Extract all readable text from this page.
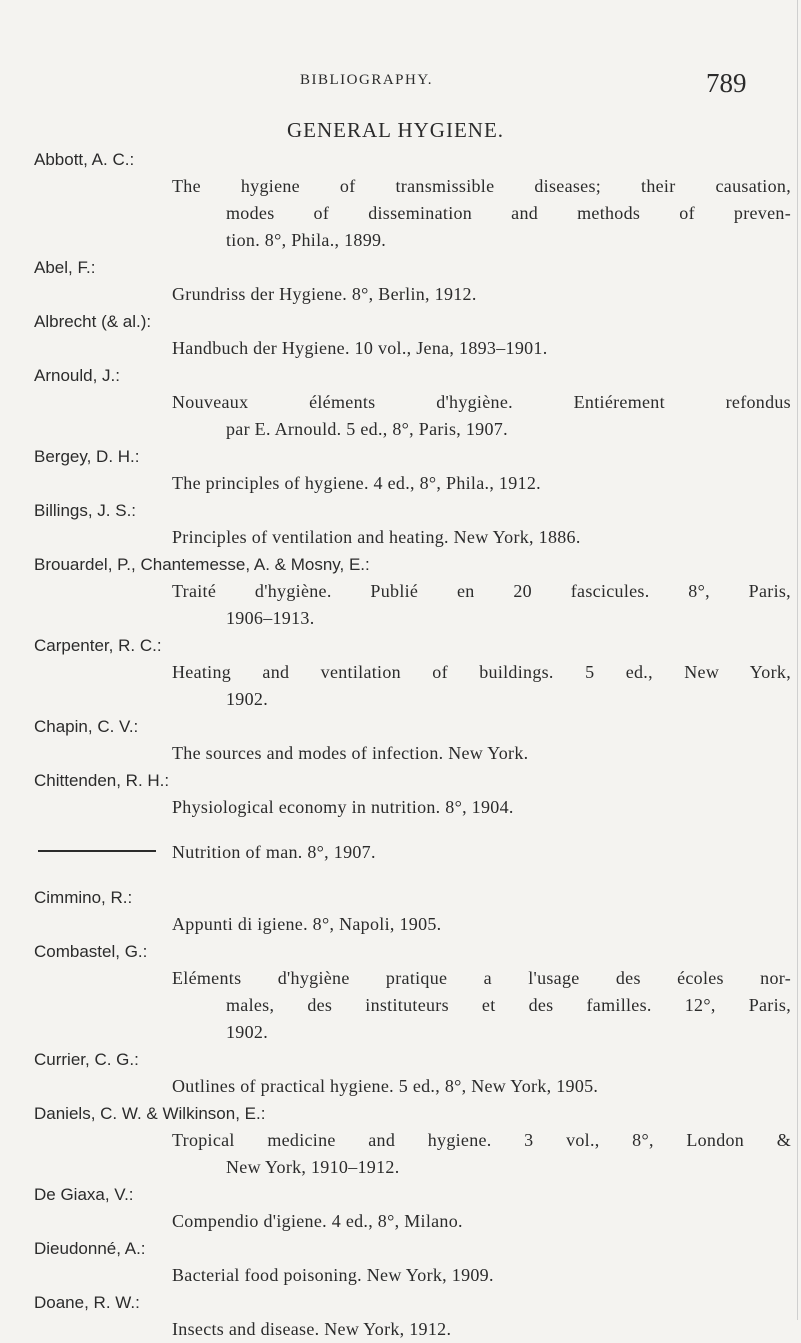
BIBLIOGRAPHY.	789
GENERAL HYGIENE.
Abbott, A. C.:
The hygiene of transmissible diseases; their causation,
modes of dissemination and methods of preven-
tion. 8°, Phila., 1899.
Abel, F.:
Grundriss der Hygiene. 8°, Berlin, 1912.
Albrecht (& al.):
Handbuch der Hygiene. 10 vol., Jena, 1893–1901.
Arnould, J.:
Nouveaux éléments d'hygiène. Entiérement refondus
par E. Arnould. 5 ed., 8°, Paris, 1907.
Bergey, D. H.:
The principles of hygiene. 4 ed., 8°, Phila., 1912.
Billings, J. S.:
Principles of ventilation and heating. New York, 1886.
Brouardel, P., Chantemesse, A. & Mosny, E.:
Traité d'hygiène. Publié en 20 fascicules. 8°, Paris,
1906–1913.
Carpenter, R. C.:
Heating and ventilation of buildings. 5 ed., New York,
1902.
Chapin, C. V.:
The sources and modes of infection. New York.
Chittenden, R. H.:
Physiological economy in nutrition. 8°, 1904.
Nutrition of man. 8°, 1907.
Cimmino, R.:
Appunti di igiene. 8°, Napoli, 1905.
Combastel, G.:
Eléments d'hygiène pratique a l'usage des écoles nor-
males, des instituteurs et des familles. 12°, Paris,
1902.
Currier, C. G.:
Outlines of practical hygiene. 5 ed., 8°, New York, 1905.
Daniels, C. W. & Wilkinson, E.:
Tropical medicine and hygiene. 3 vol., 8°, London &
New York, 1910–1912.
De Giaxa, V.:
Compendio d'igiene. 4 ed., 8°, Milano.
Dieudonné, A.:
Bacterial food poisoning. New York, 1909.
Doane, R. W.:
Insects and disease. New York, 1912.
